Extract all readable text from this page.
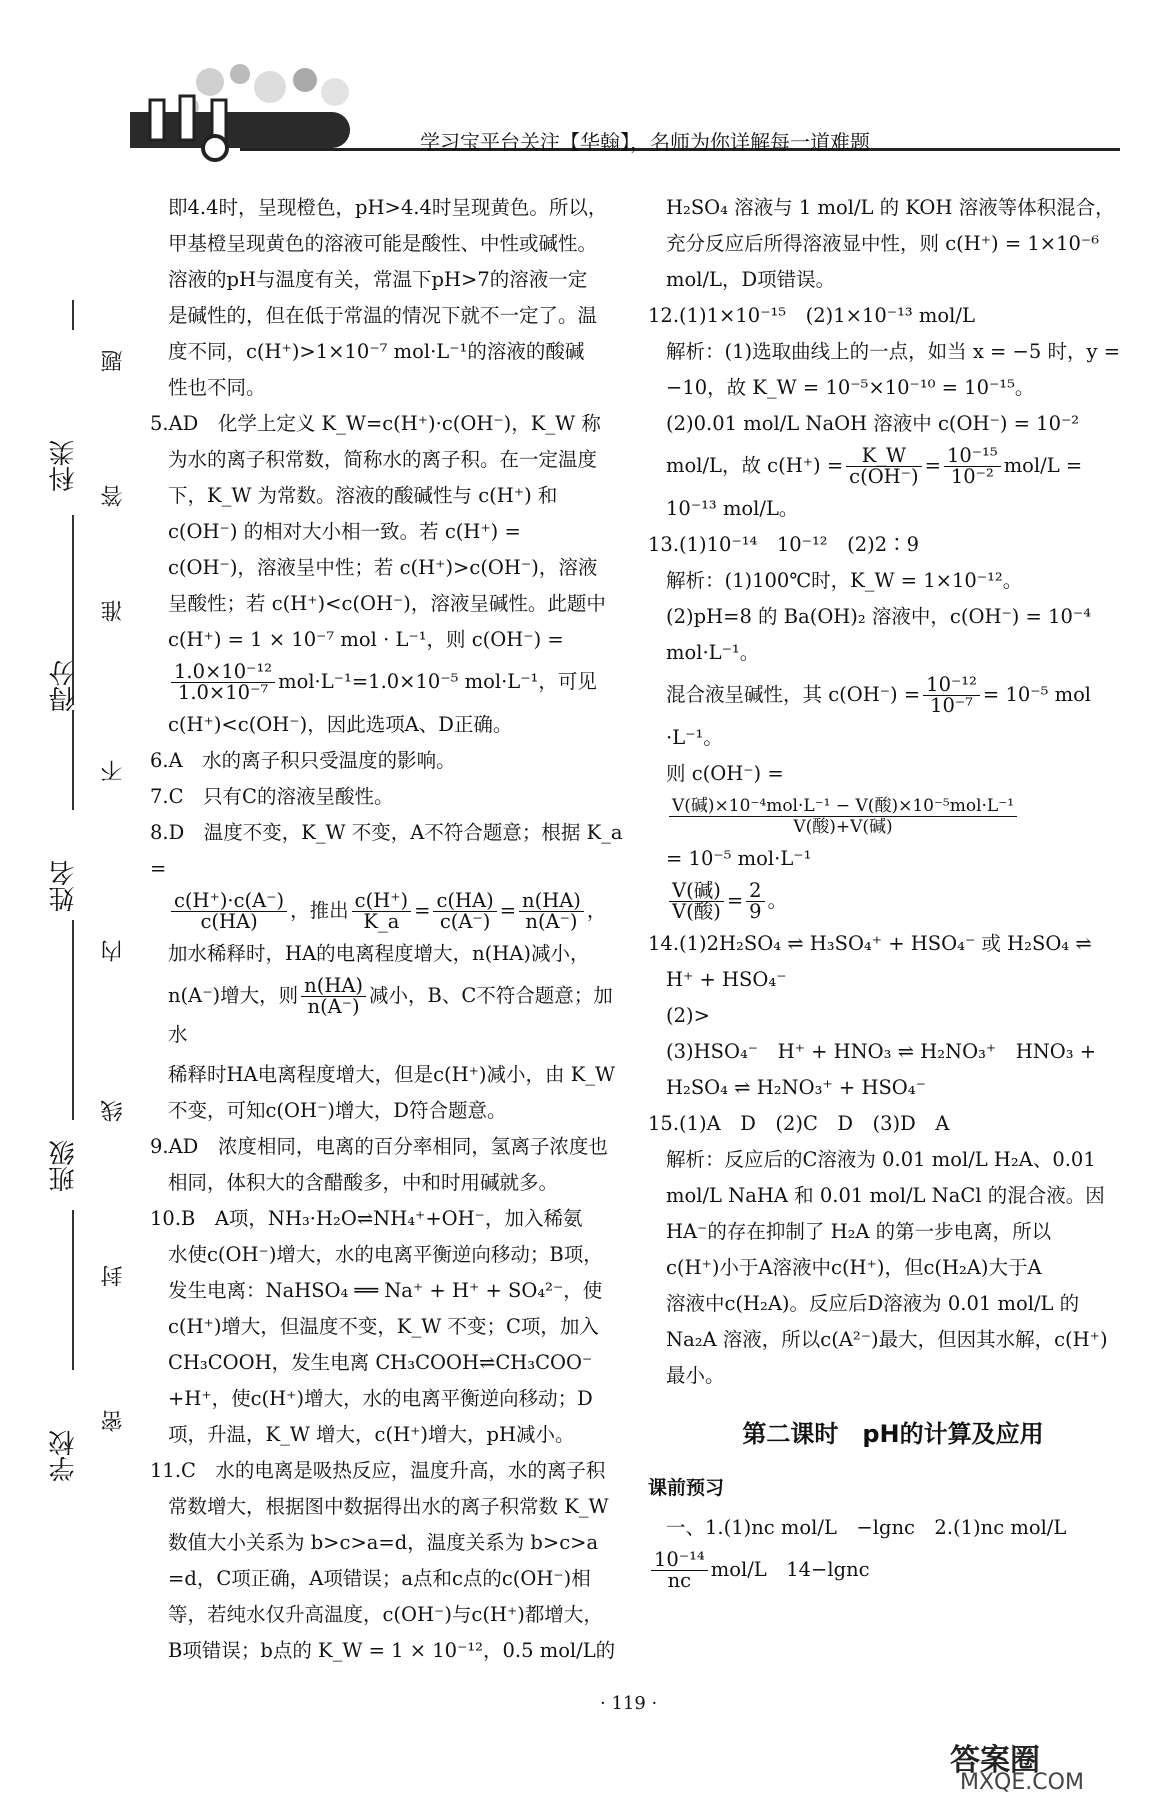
学习宝平台关注【华翰】，名师为你详解每一道难题
科类
得分
姓名
班级
学校
密
封
线
内
不
准
答
题

即4.4时，呈现橙色，pH>4.4时呈现黄色。所以，

甲基橙呈现黄色的溶液可能是酸性、中性或碱性。

溶液的pH与温度有关，常温下pH>7的溶液一定

是碱性的，但在低于常温的情况下就不一定了。温

度不同，c(H⁺)>1×10⁻⁷ mol·L⁻¹的溶液的酸碱

性也不同。

5.AD　化学上定义 K_W=c(H⁺)·c(OH⁻)，K_W 称

为水的离子积常数，简称水的离子积。在一定温度

下，K_W 为常数。溶液的酸碱性与 c(H⁺) 和

c(OH⁻) 的相对大小相一致。若 c(H⁺) =

c(OH⁻)，溶液呈中性；若 c(H⁺)>c(OH⁻)，溶液

呈酸性；若 c(H⁺)<c(OH⁻)，溶液呈碱性。此题中

c(H⁺) = 1 × 10⁻⁷ mol · L⁻¹，则 c(OH⁻) =

$\frac{\text{1.0×10⁻¹²}}{\text{1.0×10⁻⁷}} mol\cdot L^{-1}=1.0\times 10^{-5}$ mol·L⁻¹，可见

c(H⁺)<c(OH⁻)，因此选项A、D正确。

6.A　水的离子积只受温度的影响。

7.C　只有C的溶液呈酸性。

8.D　温度不变，K_W 不变，A不符合题意；根据 K_a =

$\frac{c(H^+)\cdot c(A^-)}{c(HA)}$ ，推出 $\frac{c(H^+)}{K\_a} = \frac{c(HA)}{c(A^-)} = \frac{n(HA)}{n(A^-)}$ ，

加水稀释时，HA的电离程度增大，n(HA)减小，

n(A⁻)增大，则 $\frac{n(HA)}{n(A^-)}$ 减小，B、C不符合题意；加水

稀释时HA电离程度增大，但是c(H⁺)减小，由 K_W

不变，可知c(OH⁻)增大，D符合题意。

9.AD　浓度相同，电离的百分率相同，氢离子浓度也

相同，体积大的含醋酸多，中和时用碱就多。

10.B　A项，NH₃·H₂O⇌NH₄⁺+OH⁻，加入稀氨

水使c(OH⁻)增大，水的电离平衡逆向移动；B项，

发生电离：NaHSO₄ ══ Na⁺ + H⁺ + SO₄²⁻，使

c(H⁺)增大，但温度不变，K_W 不变；C项，加入

CH₃COOH，发生电离 CH₃COOH⇌CH₃COO⁻

+H⁺，使c(H⁺)增大，水的电离平衡逆向移动；D

项，升温，K_W 增大，c(H⁺)增大，pH减小。

11.C　水的电离是吸热反应，温度升高，水的离子积

常数增大，根据图中数据得出水的离子积常数 K_W

数值大小关系为 b>c>a=d，温度关系为 b>c>a

=d，C项正确，A项错误；a点和c点的c(OH⁻)相

等，若纯水仅升高温度，c(OH⁻)与c(H⁺)都增大，

B项错误；b点的 K_W = 1 × 10⁻¹²，0.5 mol/L的

H₂SO₄ 溶液与 1 mol/L 的 KOH 溶液等体积混合，

充分反应后所得溶液显中性，则 c(H⁺) = 1×10⁻⁶

mol/L，D项错误。

12.(1)1×10⁻¹⁵　(2)1×10⁻¹³ mol/L

解析：(1)选取曲线上的一点，如当 x = −5 时，y =

−10，故 K_W = 10⁻⁵×10⁻¹⁰ = 10⁻¹⁵。

(2)0.01 mol/L NaOH 溶液中 c(OH⁻) = 10⁻²

mol/L，故 $c(H^+) = \frac{K\_W}{c(OH^-)} = \frac{\text{10⁻¹⁵}}{\text{10⁻²}} mol/L$ =

10⁻¹³ mol/L。

13.(1)10⁻¹⁴　10⁻¹²　(2)2∶9

解析：(1)100℃时，K_W = 1×10⁻¹²。

(2)pH=8 的 Ba(OH)₂ 溶液中，c(OH⁻) = 10⁻⁴

mol·L⁻¹。

混合液呈碱性，其 $c(OH^-) = \frac{\text{10⁻¹²}}{\text{10⁻⁷}} = 10^{-5}$ mol

·L⁻¹。

则 c(OH⁻) =

$\frac{\text{V(碱)×10⁻⁴mol·L⁻¹ − V(酸)×10⁻⁵mol·L⁻¹}}{\text{V(酸)+V(碱)}}$

= 10⁻⁵ mol·L⁻¹

$\frac{\text{V(碱)}}{\text{V(酸)}} = \frac{2}{9}$ 。

14.(1)2H₂SO₄ ⇌ H₃SO₄⁺ + HSO₄⁻ 或 H₂SO₄ ⇌

H⁺ + HSO₄⁻

(2)>

(3)HSO₄⁻　H⁺ + HNO₃ ⇌ H₂NO₃⁺　HNO₃ +

H₂SO₄ ⇌ H₂NO₃⁺ + HSO₄⁻

15.(1)A　D　(2)C　D　(3)D　A

解析：反应后的C溶液为 0.01 mol/L H₂A、0.01

mol/L NaHA 和 0.01 mol/L NaCl 的混合液。因

HA⁻的存在抑制了 H₂A 的第一步电离，所以

c(H⁺)小于A溶液中c(H⁺)，但c(H₂A)大于A

溶液中c(H₂A)。反应后D溶液为 0.01 mol/L 的

Na₂A 溶液，所以c(A²⁻)最大，但因其水解，c(H⁺)

最小。

第二课时　pH的计算及应用
课前预习

一、1.(1)nc mol/L　−lgnc　2.(1)nc mol/L

$\frac{\text{10⁻¹⁴}}{nc} mol/L$　14−lgnc

· 119 ·
答案圈
MXQE.COM
